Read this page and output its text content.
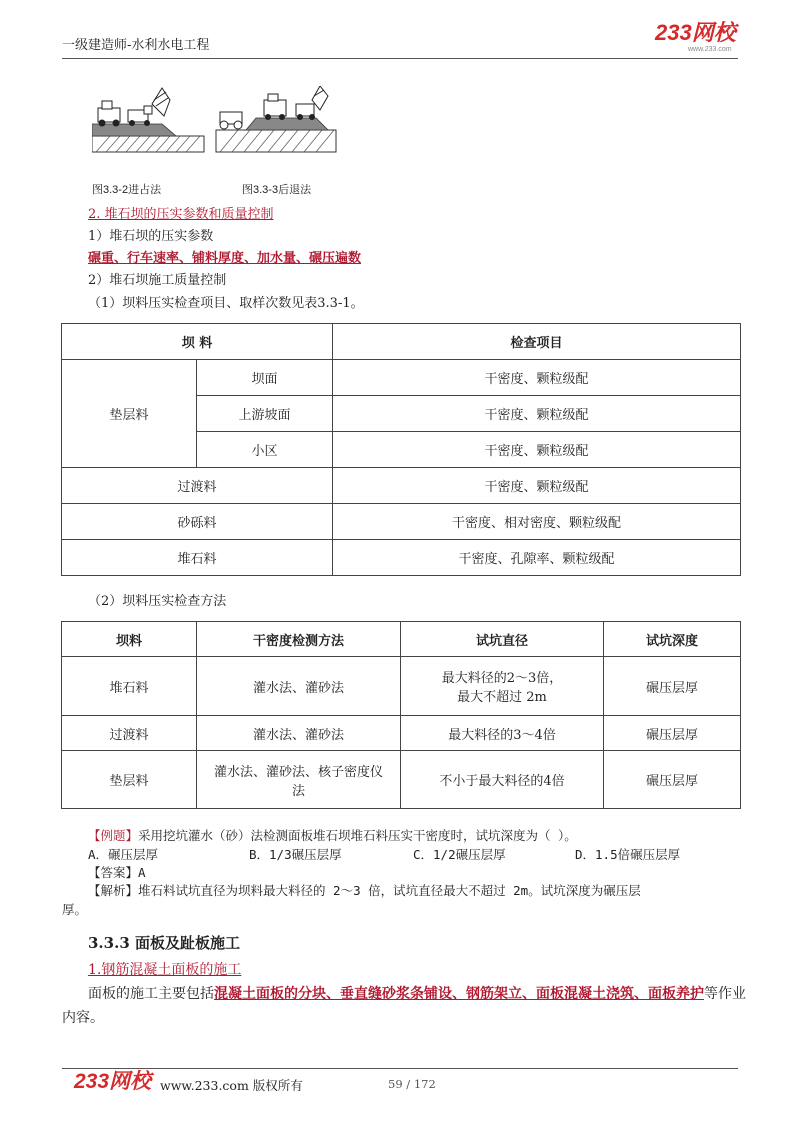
一级建造师-水利水电工程
233网校
www.233.com
图3.3-2进占法	图3.3-3后退法
2. 堆石坝的压实参数和质量控制
1）堆石坝的压实参数
碾重、行车速率、铺料厚度、加水量、碾压遍数
2）堆石坝施工质量控制
（1）坝料压实检查项目、取样次数见表3.3-1。
坝 料		检查项目
垫层料	坝面	干密度、颗粒级配
	上游坡面	干密度、颗粒级配
	小区	干密度、颗粒级配
过渡料		干密度、颗粒级配
砂砾料		干密度、相对密度、颗粒级配
堆石料		干密度、孔隙率、颗粒级配
（2）坝料压实检查方法
坝料	干密度检测方法	试坑直径	试坑深度
堆石料	灌水法、灌砂法	最大料径的2～3倍，
最大不超过 2m	碾压层厚
过渡料	灌水法、灌砂法	最大料径的3～4倍	碾压层厚
垫层料	灌水法、灌砂法、核子密度仪
法	不小于最大料径的4倍	碾压层厚
【例题】采用挖坑灌水（砂）法检测面板堆石坝堆石料压实干密度时，试坑深度为（ ）。
A．碾压层厚	B．1/3碾压层厚	C．1/2碾压层厚	D．1.5倍碾压层厚
【答案】A
【解析】堆石料试坑直径为坝料最大料径的 2～3 倍，试坑直径最大不超过 2m。试坑深度为碾压层
厚。
3.3.3 面板及趾板施工
1.钢筋混凝土面板的施工
面板的施工主要包括混凝土面板的分块、垂直缝砂浆条铺设、钢筋架立、面板混凝土浇筑、面板养护等作业内容。
233网校 www.233.com 版权所有	59 / 172
